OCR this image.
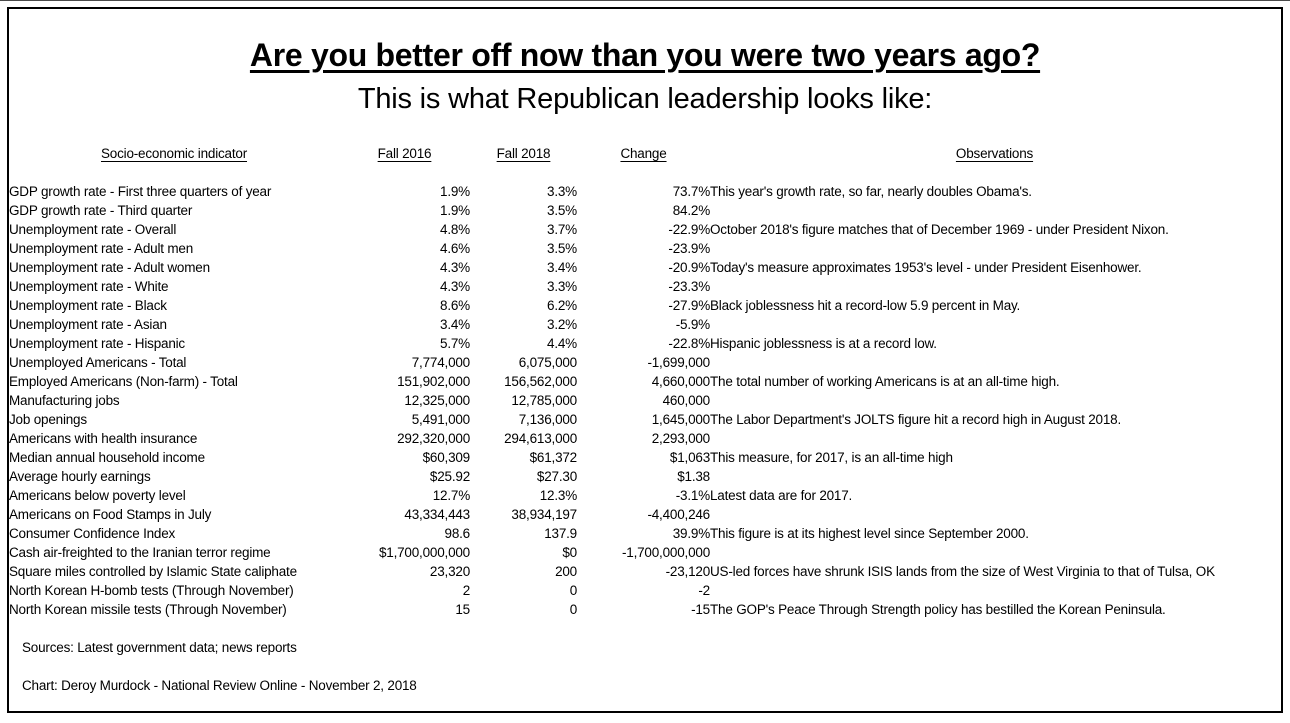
Are you better off now than you were two years ago?
This is what Republican leadership looks like:
Socio-economic indicator	Fall 2016	Fall 2018	Change	Observations

GDP growth rate - First three quarters of year	1.9%	3.3%	73.7%	This year's growth rate, so far, nearly doubles Obama's.
GDP growth rate - Third quarter	1.9%	3.5%	84.2%	
Unemployment rate - Overall	4.8%	3.7%	-22.9%	October 2018's figure matches that of December 1969 - under President Nixon.
Unemployment rate - Adult men	4.6%	3.5%	-23.9%	
Unemployment rate - Adult women	4.3%	3.4%	-20.9%	Today's measure approximates 1953's level - under President Eisenhower.
Unemployment rate - White	4.3%	3.3%	-23.3%	
Unemployment rate - Black	8.6%	6.2%	-27.9%	Black joblessness hit a record-low 5.9 percent in May.
Unemployment rate - Asian	3.4%	3.2%	-5.9%	
Unemployment rate - Hispanic	5.7%	4.4%	-22.8%	Hispanic joblessness is at a record low.
Unemployed Americans - Total	7,774,000	6,075,000	-1,699,000	
Employed Americans (Non-farm) - Total	151,902,000	156,562,000	4,660,000	The total number of working Americans is at an all-time high.
Manufacturing jobs	12,325,000	12,785,000	460,000	
Job openings	5,491,000	7,136,000	1,645,000	The Labor Department's JOLTS figure hit a record high in August 2018.
Americans with health insurance	292,320,000	294,613,000	2,293,000	
Median annual household income	$60,309	$61,372	$1,063	This measure, for 2017, is an all-time high
Average hourly earnings	$25.92	$27.30	$1.38	
Americans below poverty level	12.7%	12.3%	-3.1%	Latest data are for 2017.
Americans on Food Stamps in July	43,334,443	38,934,197	-4,400,246	
Consumer Confidence Index	98.6	137.9	39.9%	This figure is at its highest level since September 2000.
Cash air-freighted to the Iranian terror regime	$1,700,000,000	$0	-1,700,000,000	
Square miles controlled by Islamic State caliphate	23,320	200	-23,120	US-led forces have shrunk ISIS lands from the size of West Virginia to that of Tulsa, OK
North Korean H-bomb tests (Through November)	2	0	-2	
North Korean missile tests (Through November)	15	0	-15	The GOP's Peace Through Strength policy has bestilled the Korean Peninsula.
Sources: Latest government data; news reports
Chart: Deroy Murdock - National Review Online - November 2, 2018
